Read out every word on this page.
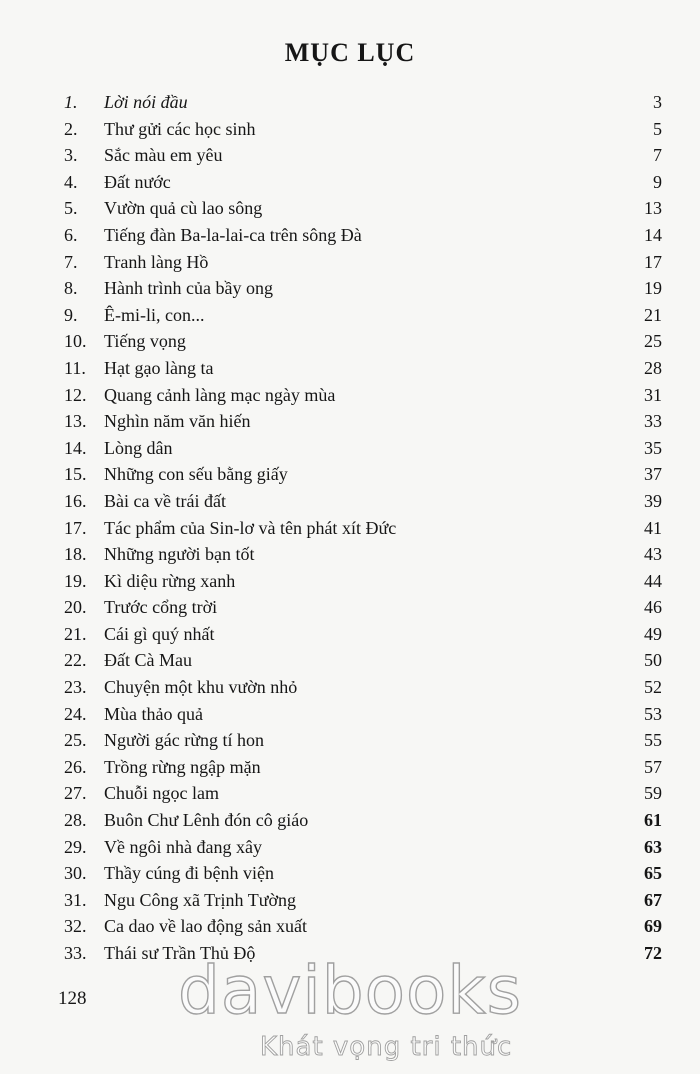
MỤC LỤC
1. Lời nói đầu	3
2. Thư gửi các học sinh	5
3. Sắc màu em yêu	7
4. Đất nước	9
5. Vườn quả cù lao sông	13
6. Tiếng đàn Ba-la-lai-ca trên sông Đà	14
7. Tranh làng Hồ	17
8. Hành trình của bầy ong	19
9. Ê-mi-li, con...	21
10. Tiếng vọng	25
11. Hạt gạo làng ta	28
12. Quang cảnh làng mạc ngày mùa	31
13. Nghìn năm văn hiến	33
14. Lòng dân	35
15. Những con sếu bằng giấy	37
16. Bài ca về trái đất	39
17. Tác phẩm của Sin-lơ và tên phát xít Đức	41
18. Những người bạn tốt	43
19. Kì diệu rừng xanh	44
20. Trước cổng trời	46
21. Cái gì quý nhất	49
22. Đất Cà Mau	50
23. Chuyện một khu vườn nhỏ	52
24. Mùa thảo quả	53
25. Người gác rừng tí hon	55
26. Trồng rừng ngập mặn	57
27. Chuỗi ngọc lam	59
28. Buôn Chư Lênh đón cô giáo	61
29. Về ngôi nhà đang xây	63
30. Thầy cúng đi bệnh viện	65
31. Ngu Công xã Trịnh Tường	67
32. Ca dao về lao động sản xuất	69
33. Thái sư Trần Thủ Độ	72
128	davibooks
Khát vọng tri thức
